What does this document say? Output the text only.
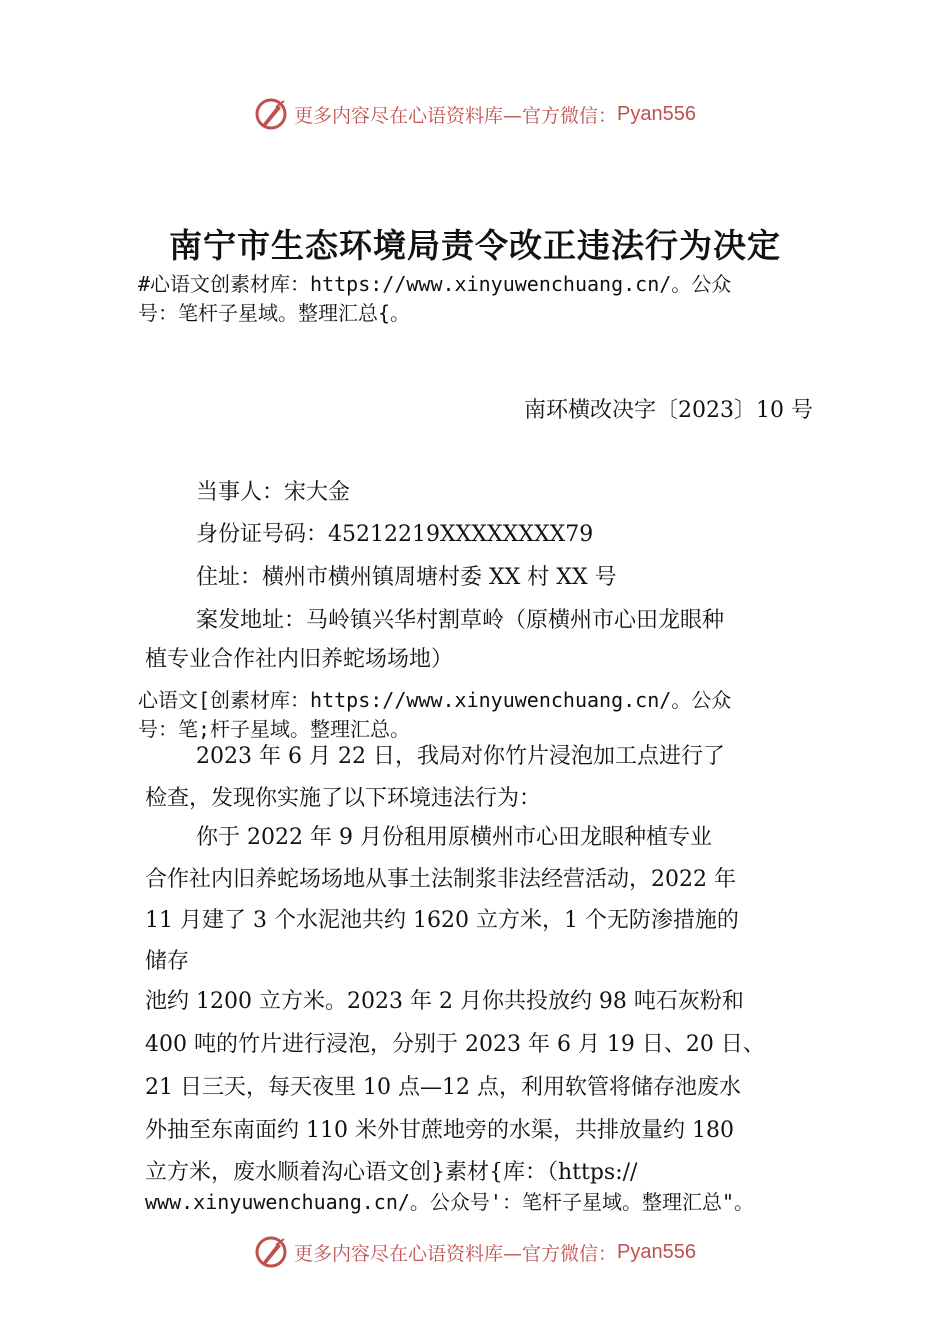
更多内容尽在心语资料库—官方微信： Pyan556
南宁市生态环境局责令改正违法行为决定
#心语文创素材库：https://www.xinyuwenchuang.cn/。公众
号：笔杆子星域。整理汇总{。
南环横改决字〔2023〕10 号
当事人：宋大金
身份证号码：45212219XXXXXXXX79
住址：横州市横州镇周塘村委 XX 村 XX 号
案发地址：马岭镇兴华村割草岭（原横州市心田龙眼种
植专业合作社内旧养蛇场场地）
心语文[创素材库：https://www.xinyuwenchuang.cn/。公众
号：笔;杆子星域。整理汇总。
2023 年 6 月 22 日，我局对你竹片浸泡加工点进行了
检查，发现你实施了以下环境违法行为：
你于 2022 年 9 月份租用原横州市心田龙眼种植专业
合作社内旧养蛇场场地从事土法制浆非法经营活动，2022 年
11 月建了 3 个水泥池共约 1620 立方米，1 个无防渗措施的
储存
池约 1200 立方米。2023 年 2 月你共投放约 98 吨石灰粉和
400 吨的竹片进行浸泡，分别于 2023 年 6 月 19 日、20 日、
21 日三天，每天夜里 10 点—12 点，利用软管将储存池废水
外抽至东南面约 110 米外甘蔗地旁的水渠，共排放量约 180
立方米，废水顺着沟心语文创}素材{库：（https://
www.xinyuwenchuang.cn/。公众号'：笔杆子星域。整理汇总"。
更多内容尽在心语资料库—官方微信： Pyan556
